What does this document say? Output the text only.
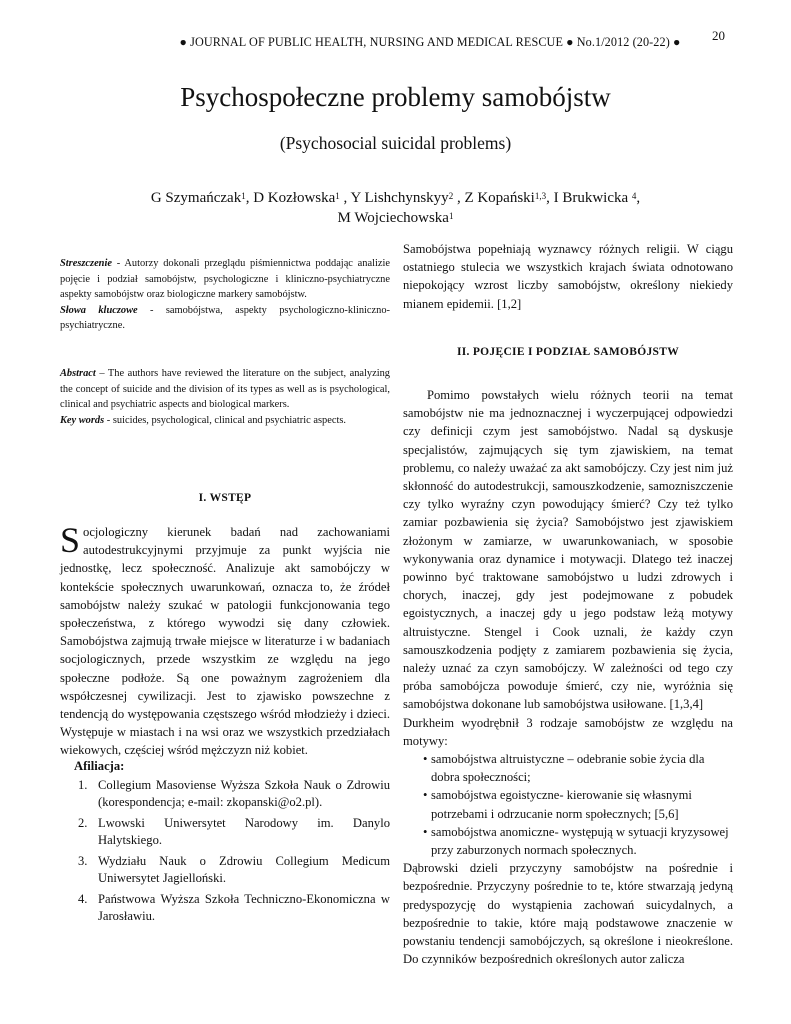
● JOURNAL OF PUBLIC HEALTH, NURSING AND MEDICAL RESCUE ● No.1/2012 (20-22) ●	20
Psychospołeczne problemy samobójstw
(Psychosocial suicidal problems)
G Szymańczak$^1$, D Kozłowska$^1$ , Y Lishchynskyy$^2$ , Z Kopański$^{1,3}$, I Brukwicka $^4$,
M Wojciechowska$^1$

Streszczenie - Autorzy dokonali przeglądu piśmiennictwa poddając analizie pojęcie i podział samobójstw, psychologiczne i kliniczno-psychiatryczne aspekty samobójstw oraz biologiczne markery samobójstw.

Słowa kluczowe - samobójstwa, aspekty psychologiczno-kliniczno-psychiatryczne.

Abstract – The authors have reviewed the literature on the subject, analyzing the concept of suicide and the division of its types as well as is psychological, clinical and psychiatric aspects and biological markers.

Key words - suicides, psychological, clinical and psychiatric aspects.

I. WSTĘP

Socjologiczny kierunek badań nad zachowaniami autodestrukcyjnymi przyjmuje za punkt wyjścia nie jednostkę, lecz społeczność. Analizuje akt samobójczy w kontekście społecznych uwarunkowań, oznacza to, że źródeł samobójstw należy szukać w patologii funkcjonowania tego społeczeństwa, z którego wywodzi się dany człowiek. Samobójstwa zajmują trwałe miejsce w literaturze i w badaniach socjologicznych, przede wszystkim ze względu na jego społeczne podłoże. Są one poważnym zagrożeniem dla współczesnej cywilizacji. Jest to zjawisko powszechne z tendencją do występowania częstszego wśród młodzieży i dzieci. Występuje w miastach i na wsi oraz we wszystkich przedziałach wiekowych, częściej wśród mężczyzn niż kobiet.

Afiliacja:
1. Collegium Masoviense Wyższa Szkoła Nauk o Zdrowiu (korespondencja; e-mail: zkopanski@o2.pl).
2. Lwowski Uniwersytet Narodowy im. Danylo Halytskiego.
3. Wydziału Nauk o Zdrowiu Collegium Medicum Uniwersytet Jagielloński.
4. Państwowa Wyższa Szkoła Techniczno-Ekonomiczna w Jarosławiu.
Samobójstwa popełniają wyznawcy różnych religii. W ciągu ostatniego stulecia we wszystkich krajach świata odnotowano niepokojący wzrost liczby samobójstw, określony niekiedy mianem epidemii. [1,2]
II. POJĘCIE I PODZIAŁ SAMOBÓJSTW

Pomimo powstałych wielu różnych teorii na temat samobójstw nie ma jednoznacznej i wyczerpującej odpowiedzi czy definicji czym jest samobójstwo. Nadal są dyskusje specjalistów, zajmujących się tym zjawiskiem, na temat problemu, co należy uważać za akt samobójczy. Czy jest nim już skłonność do autodestrukcji, samouszkodzenie, samozniszczenie czy tylko wyraźny czyn powodujący śmierć? Czy też tylko zamiar pozbawienia się życia? Samobójstwo jest zjawiskiem złożonym w zamiarze, w uwarunkowaniach, w sposobie wykonywania oraz dynamice i motywacji. Dlatego też inaczej powinno być traktowane samobójstwo u ludzi zdrowych i chorych, inaczej, gdy jest podejmowane z pobudek egoistycznych, a inaczej gdy u jego podstaw leżą motywy altruistyczne. Stengel i Cook uznali, że każdy czyn samouszkodzenia podjęty z zamiarem pozbawienia się życia, należy uznać za czyn samobójczy. W zależności od tego czy próba samobójcza powoduje śmierć, czy nie, wyróżnia się samobójstwa dokonane lub samobójstwa usiłowane. [1,3,4]

Durkheim wyodrębnił 3 rodzaje samobójstw ze względu na motywy:

• samobójstwa altruistyczne – odebranie sobie życia dla dobra społeczności;
• samobójstwa egoistyczne- kierowanie się własnymi potrzebami i odrzucanie norm społecznych; [5,6]
• samobójstwa anomiczne- występują w sytuacji kryzysowej przy zaburzonych normach społecznych.

Dąbrowski dzieli przyczyny samobójstw na pośrednie i bezpośrednie. Przyczyny pośrednie to te, które stwarzają jedyną predyspozycję do wystąpienia zachowań suicydalnych, a bezpośrednie to takie, które mają podstawowe znaczenie w powstaniu tendencji samobójczych, są określone i nieokreślone. Do czynników bezpośrednich określonych autor zalicza
